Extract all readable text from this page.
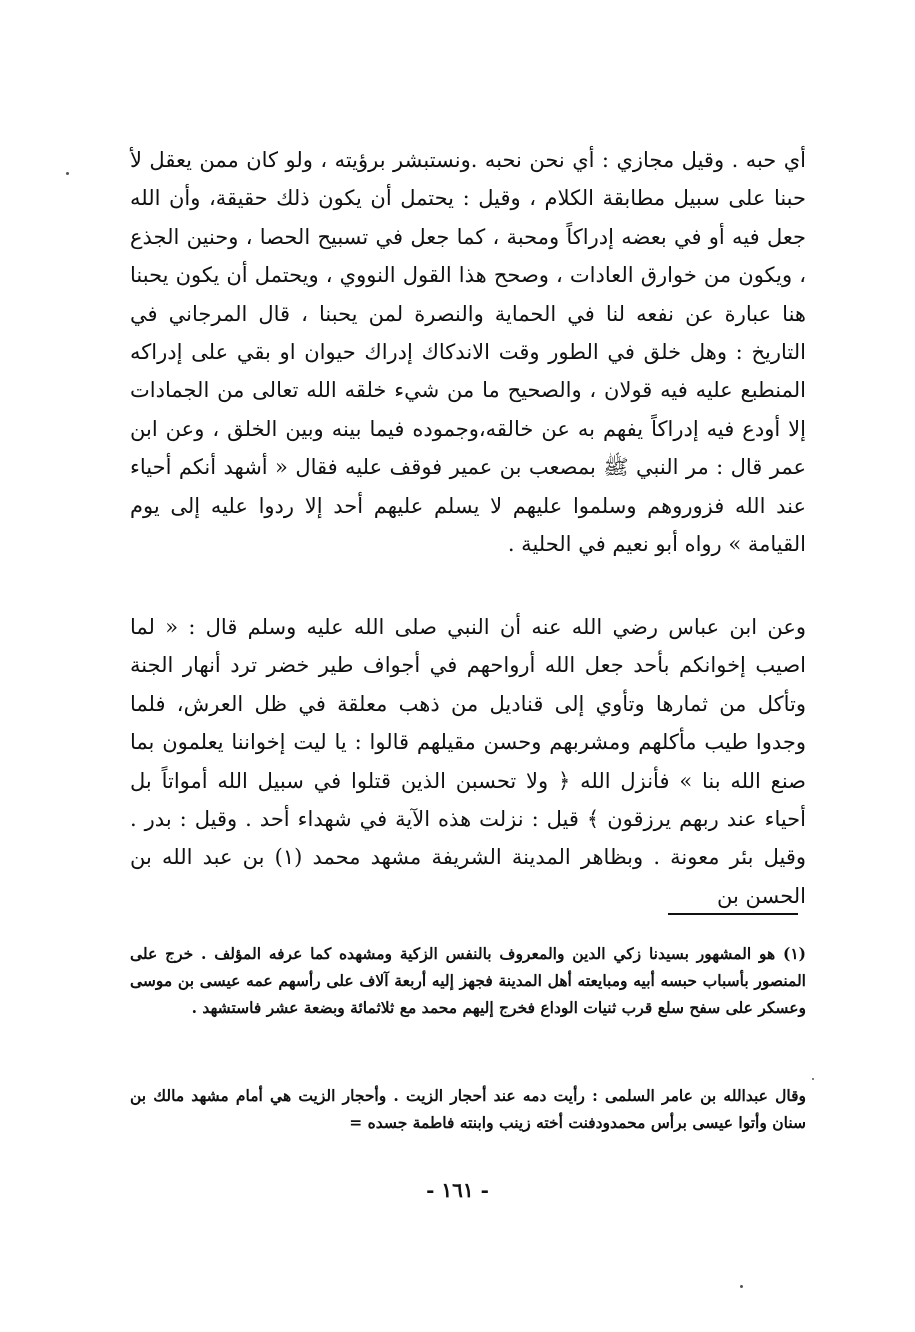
أي حبه . وقيل مجازي : أي نحن نحبه .ونستبشر برؤيته ، ولو كان ممن يعقل لأ حبنا على سبيل مطابقة الكلام ، وقيل : يحتمل أن يكون ذلك حقيقة، وأن الله جعل فيه أو في بعضه إدراكاً ومحبة ، كما جعل في تسبيح الحصا ، وحنين الجذع ، ويكون من خوارق العادات ، وصحح هذا القول النووي ، ويحتمل أن يكون يحبنا هنا عبارة عن نفعه لنا في الحماية والنصرة لمن يحبنا ، قال المرجاني في التاريخ : وهل خلق في الطور وقت الاندكاك إدراك حيوان او بقي على إدراكه المنطبع عليه فيه قولان ، والصحيح ما من شيء خلقه الله تعالى من الجمادات إلا أودع فيه إدراكاً يفهم به عن خالقه،وجموده فيما بينه وبين الخلق ، وعن ابن عمر قال : مر النبي ﷺ بمصعب بن عمير فوقف عليه فقال « أشهد أنكم أحياء عند الله فزوروهم وسلموا عليهم لا يسلم عليهم أحد إلا ردوا عليه إلى يوم القيامة » رواه أبو نعيم في الحلية .

وعن ابن عباس رضي الله عنه أن النبي صلى الله عليه وسلم قال : « لما اصيب إخوانكم بأحد جعل الله أرواحهم في أجواف طير خضر ترد أنهار الجنة وتأكل من ثمارها وتأوي إلى قناديل من ذهب معلقة في ظل العرش، فلما وجدوا طيب مأكلهم ومشربهم وحسن مقيلهم قالوا : يا ليت إخواننا يعلمون بما صنع الله بنا » فأنزل الله ﴿ ولا تحسبن الذين قتلوا في سبيل الله أمواتاً بل أحياء عند ربهم يرزقون ﴾ قيل : نزلت هذه الآية في شهداء أحد . وقيل : بدر . وقيل بئر معونة . وبظاهر المدينة الشريفة مشهد محمد (١) بن عبد الله بن الحسن بن

(١) هو المشهور بسيدنا زكي الدين والمعروف بالنفس الزكية ومشهده كما عرفه المؤلف . خرج على المنصور بأسباب حبسه أبيه ومبايعته أهل المدينة فجهز إليه أربعة آلاف على رأسهم عمه عيسى بن موسى وعسكر على سفح سلع قرب ثنيات الوداع فخرج إليهم محمد مع ثلاثمائة وبضعة عشر فاستشهد .

وقال عبدالله بن عامر السلمى : رأيت دمه عند أحجار الزيت . وأحجار الزيت هي أمام مشهد مالك بن سنان وأتوا عيسى برأس محمدودفنت أخته زينب وابنته فاطمة جسده =

- ١٦١ -
